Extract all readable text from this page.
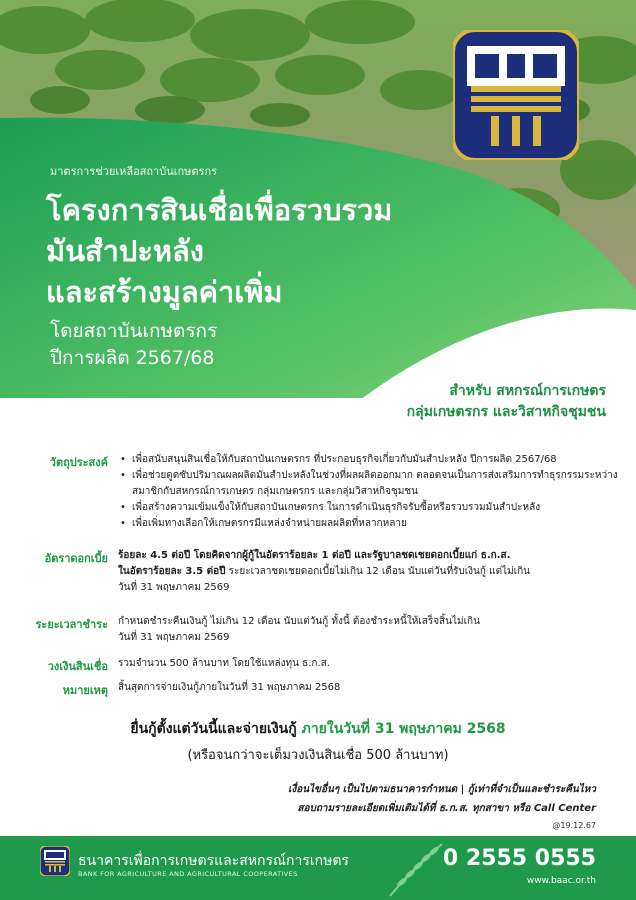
มาตรการช่วยเหลือสถาบันเกษตรกร
โครงการสินเชื่อเพื่อรวบรวม
มันสำปะหลัง
และสร้างมูลค่าเพิ่ม
โดยสถาบันเกษตรกร
ปีการผลิต 2567/68
สำหรับ สหกรณ์การเกษตร
กลุ่มเกษตรกร และวิสาหกิจชุมชน
วัตถุประสงค์
•	เพื่อสนับสนุนสินเชื่อให้กับสถาบันเกษตรกร ที่ประกอบธุรกิจเกี่ยวกับมันสำปะหลัง ปีการผลิต 2567/68
• เพื่อช่วยดูดซับปริมาณผลผลิตมันสำปะหลังในช่วงที่ผลผลิตออกมาก ตลอดจนเป็นการส่งเสริมการทำธุรกรรมระหว่างสมาชิกกับสหกรณ์การเกษตร กลุ่มเกษตรกร และกลุ่มวิสาหกิจชุมชน
• เพื่อสร้างความเข้มแข็งให้กับสถาบันเกษตรกร ในการดำเนินธุรกิจรับซื้อหรือรวบรวมมันสำปะหลัง
• เพื่อเพิ่มทางเลือกให้เกษตรกรมีแหล่งจำหน่ายผลผลิตที่หลากหลาย
อัตราดอกเบี้ย ร้อยละ 4.5 ต่อปี โดยคิดจากผู้กู้ในอัตราร้อยละ 1 ต่อปี และรัฐบาลชดเชยดอกเบี้ยแก่ ธ.ก.ส.
ในอัตราร้อยละ 3.5 ต่อปี ระยะเวลาชดเชยดอกเบี้ยไม่เกิน 12 เดือน นับแต่วันที่รับเงินกู้ แต่ไม่เกิน
วันที่ 31 พฤษภาคม 2569
ระยะเวลาชำระ กำหนดชำระคืนเงินกู้ ไม่เกิน 12 เดือน นับแต่วันกู้ ทั้งนี้ ต้องชำระหนี้ให้เสร็จสิ้นไม่เกิน
วันที่ 31 พฤษภาคม 2569
วงเงินสินเชื่อ รวมจำนวน 500 ล้านบาท โดยใช้แหล่งทุน ธ.ก.ส.
หมายเหตุ สิ้นสุดการจ่ายเงินกู้ภายในวันที่ 31 พฤษภาคม 2568
ยื่นกู้ตั้งแต่วันนี้และจ่ายเงินกู้ ภายในวันที่ 31 พฤษภาคม 2568
(หรือจนกว่าจะเต็มวงเงินสินเชื่อ 500 ล้านบาท)
เงื่อนไขอื่นๆ เป็นไปตามธนาคารกำหนด | กู้เท่าที่จำเป็นและชำระคืนไหว
สอบถามรายละเอียดเพิ่มเติมได้ที่ ธ.ก.ส. ทุกสาขา หรือ Call Center
@19.12.67
ธนาคารเพื่อการเกษตรและสหกรณ์การเกษตร
BANK FOR AGRICULTURE AND AGRICULTURAL COOPERATIVES
0 2555 0555
www.baac.or.th
